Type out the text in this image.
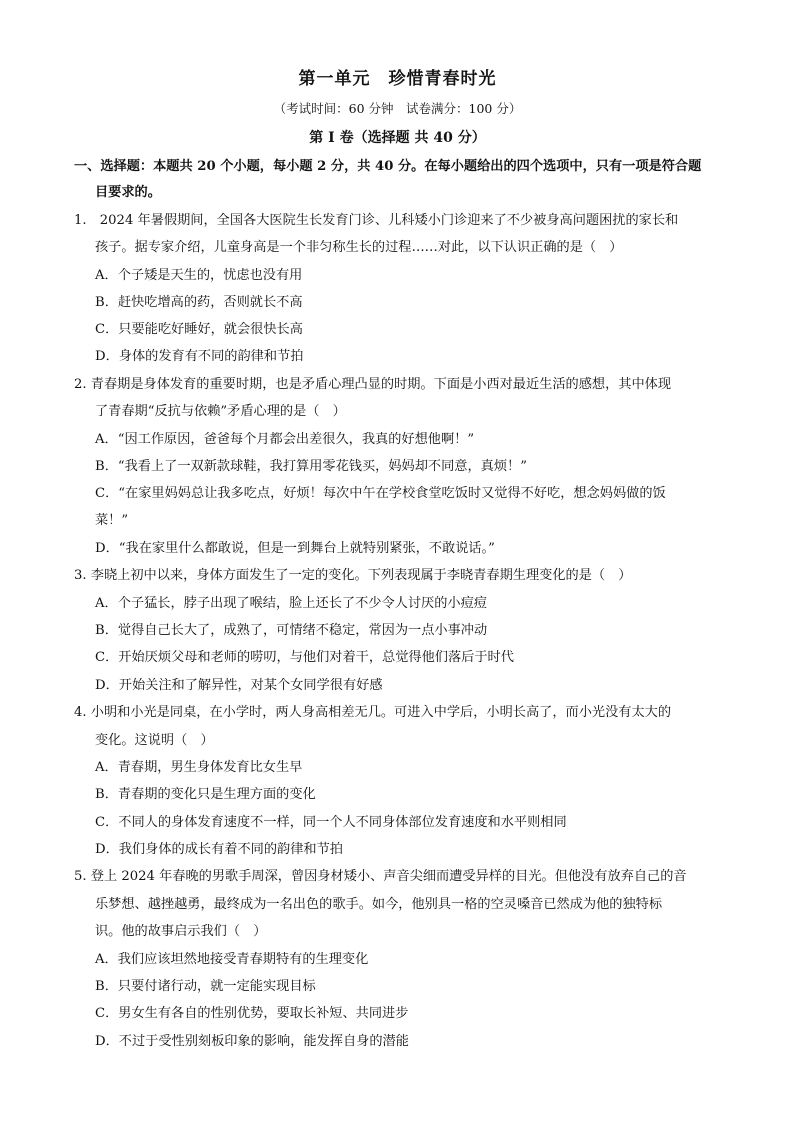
第一单元　珍惜青春时光
（考试时间：60 分钟　试卷满分：100 分）
第 I 卷（选择题 共 40 分）
一、选择题：本题共 20 个小题，每小题 2 分，共 40 分。在每小题给出的四个选项中，只有一项是符合题
目要求的。
1.　2024 年暑假期间，全国各大医院生长发育门诊、儿科矮小门诊迎来了不少被身高问题困扰的家长和
孩子。据专家介绍，儿童身高是一个非匀称生长的过程……对此，以下认识正确的是（　）
A．个子矮是天生的，忧虑也没有用
B．赶快吃增高的药，否则就长不高
C．只要能吃好睡好，就会很快长高
D．身体的发育有不同的韵律和节拍
2. 青春期是身体发育的重要时期，也是矛盾心理凸显的时期。下面是小西对最近生活的感想，其中体现
了青春期“反抗与依赖”矛盾心理的是（　）
A．“因工作原因，爸爸每个月都会出差很久，我真的好想他啊！”
B．“我看上了一双新款球鞋，我打算用零花钱买，妈妈却不同意，真烦！”
C．“在家里妈妈总让我多吃点，好烦！每次中午在学校食堂吃饭时又觉得不好吃，想念妈妈做的饭
菜！”
D．“我在家里什么都敢说，但是一到舞台上就特别紧张，不敢说话。”
3. 李晓上初中以来，身体方面发生了一定的变化。下列表现属于李晓青春期生理变化的是（　）
A．个子猛长，脖子出现了喉结，脸上还长了不少令人讨厌的小痘痘
B．觉得自己长大了，成熟了，可情绪不稳定，常因为一点小事冲动
C．开始厌烦父母和老师的唠叨，与他们对着干，总觉得他们落后于时代
D．开始关注和了解异性，对某个女同学很有好感
4. 小明和小光是同桌，在小学时，两人身高相差无几。可进入中学后，小明长高了，而小光没有太大的
变化。这说明（　）
A．青春期，男生身体发育比女生早
B．青春期的变化只是生理方面的变化
C．不同人的身体发育速度不一样，同一个人不同身体部位发育速度和水平则相同
D．我们身体的成长有着不同的韵律和节拍
5. 登上 2024 年春晚的男歌手周深，曾因身材矮小、声音尖细而遭受异样的目光。但他没有放弃自己的音
乐梦想、越挫越勇，最终成为一名出色的歌手。如今，他别具一格的空灵嗓音已然成为他的独特标
识。他的故事启示我们（　）
A．我们应该坦然地接受青春期特有的生理变化
B．只要付诸行动，就一定能实现目标
C．男女生有各自的性别优势，要取长补短、共同进步
D．不过于受性别刻板印象的影响，能发挥自身的潜能
